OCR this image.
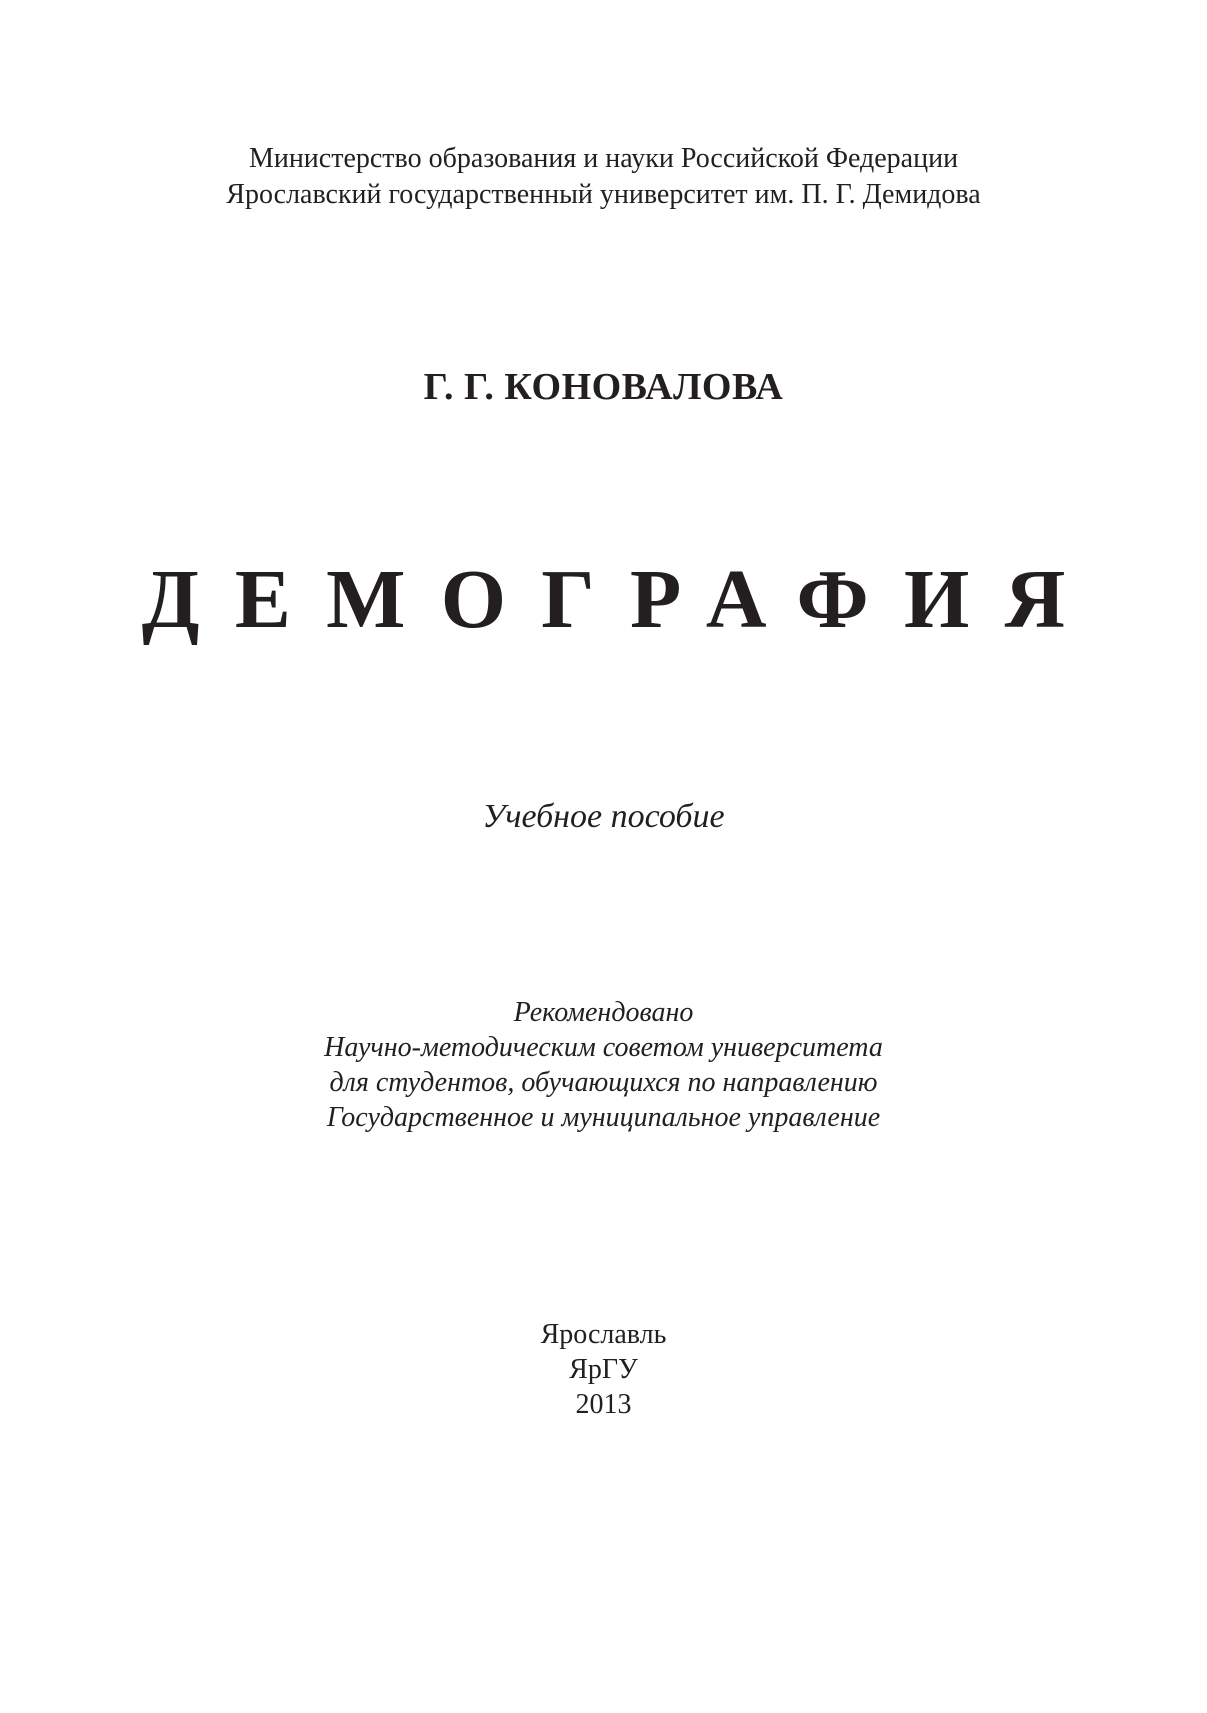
Министерство образования и науки Российской Федерации
Ярославский государственный университет им. П. Г. Демидова
Г. Г. КОНОВАЛОВА
ДЕМОГРАФИЯ
Учебное пособие
Рекомендовано
Научно-методическим советом университета
для студентов, обучающихся по направлению
Государственное и муниципальное управление
Ярославль
ЯрГУ
2013
